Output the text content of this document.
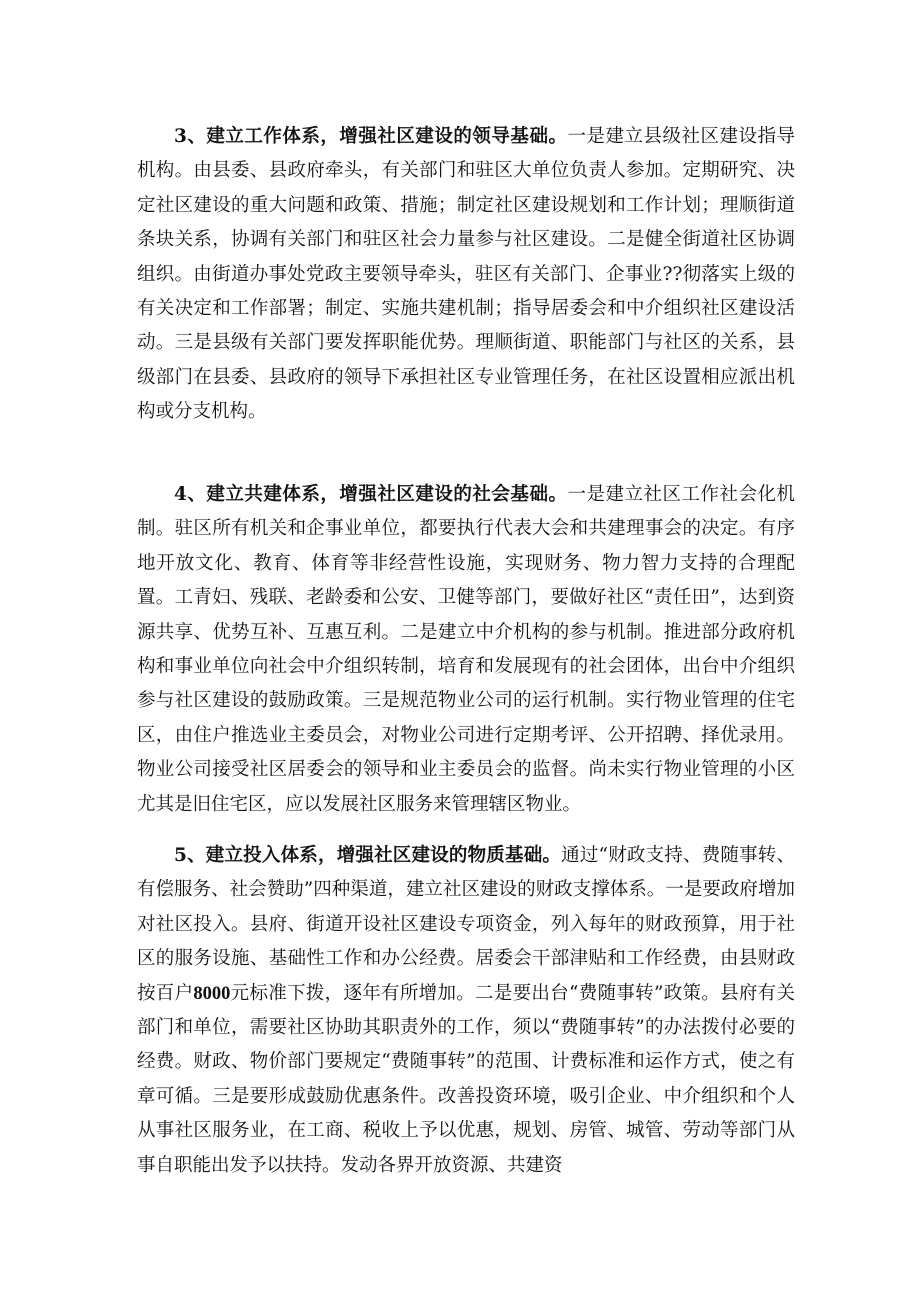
3、建立工作体系，增强社区建设的领导基础。一是建立县级社区建设指导机构。由县委、县政府牵头，有关部门和驻区大单位负责人参加。定期研究、决定社区建设的重大问题和政策、措施；制定社区建设规划和工作计划；理顺街道条块关系，协调有关部门和驻区社会力量参与社区建设。二是健全街道社区协调组织。由街道办事处党政主要领导牵头，驻区有关部门、企事业??彻落实上级的有关决定和工作部署；制定、实施共建机制；指导居委会和中介组织社区建设活动。三是县级有关部门要发挥职能优势。理顺街道、职能部门与社区的关系，县级部门在县委、县政府的领导下承担社区专业管理任务，在社区设置相应派出机构或分支机构。

4、建立共建体系，增强社区建设的社会基础。一是建立社区工作社会化机制。驻区所有机关和企事业单位，都要执行代表大会和共建理事会的决定。有序地开放文化、教育、体育等非经营性设施，实现财务、物力智力支持的合理配置。工青妇、残联、老龄委和公安、卫健等部门，要做好社区“责任田”，达到资源共享、优势互补、互惠互利。二是建立中介机构的参与机制。推进部分政府机构和事业单位向社会中介组织转制，培育和发展现有的社会团体，出台中介组织参与社区建设的鼓励政策。三是规范物业公司的运行机制。实行物业管理的住宅区，由住户推选业主委员会，对物业公司进行定期考评、公开招聘、择优录用。物业公司接受社区居委会的领导和业主委员会的监督。尚未实行物业管理的小区尤其是旧住宅区，应以发展社区服务来管理辖区物业。

5、建立投入体系，增强社区建设的物质基础。通过“财政支持、费随事转、有偿服务、社会赞助”四种渠道，建立社区建设的财政支撑体系。一是要政府增加对社区投入。县府、街道开设社区建设专项资金，列入每年的财政预算，用于社区的服务设施、基础性工作和办公经费。居委会干部津贴和工作经费，由县财政按百户8000元标准下拨，逐年有所增加。二是要出台“费随事转”政策。县府有关部门和单位，需要社区协助其职责外的工作，须以“费随事转”的办法拨付必要的经费。财政、物价部门要规定“费随事转”的范围、计费标准和运作方式，使之有章可循。三是要形成鼓励优惠条件。改善投资环境，吸引企业、中介组织和个人从事社区服务业，在工商、税收上予以优惠，规划、房管、城管、劳动等部门从事自职能出发予以扶持。发动各界开放资源、共建资
